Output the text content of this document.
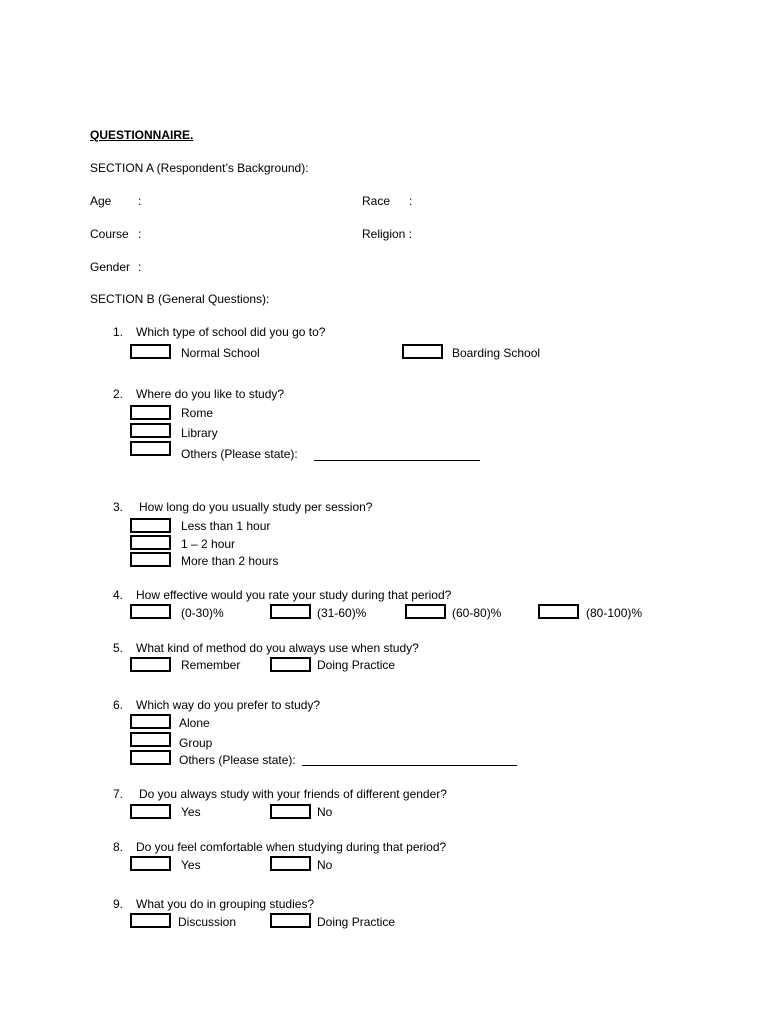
QUESTIONNAIRE.
SECTION A (Respondent’s Background):
Age :	Race :
Course :	Religion :
Gender :
SECTION B (General Questions):
1. Which type of school did you go to?
Normal School	Boarding School
2. Where do you like to study?
Rome
Library
Others (Please state):
3. How long do you usually study per session?
Less than 1 hour
1 – 2 hour
More than 2 hours
4. How effective would you rate your study during that period?
(0-30)%	(31-60)%	(60-80)%	(80-100)%
5. What kind of method do you always use when study?
Remember	Doing Practice
6. Which way do you prefer to study?
Alone
Group
Others (Please state):
7. Do you always study with your friends of different gender?
Yes	No
8. Do you feel comfortable when studying during that period?
Yes	No
9. What you do in grouping studies?
Discussion	Doing Practice
